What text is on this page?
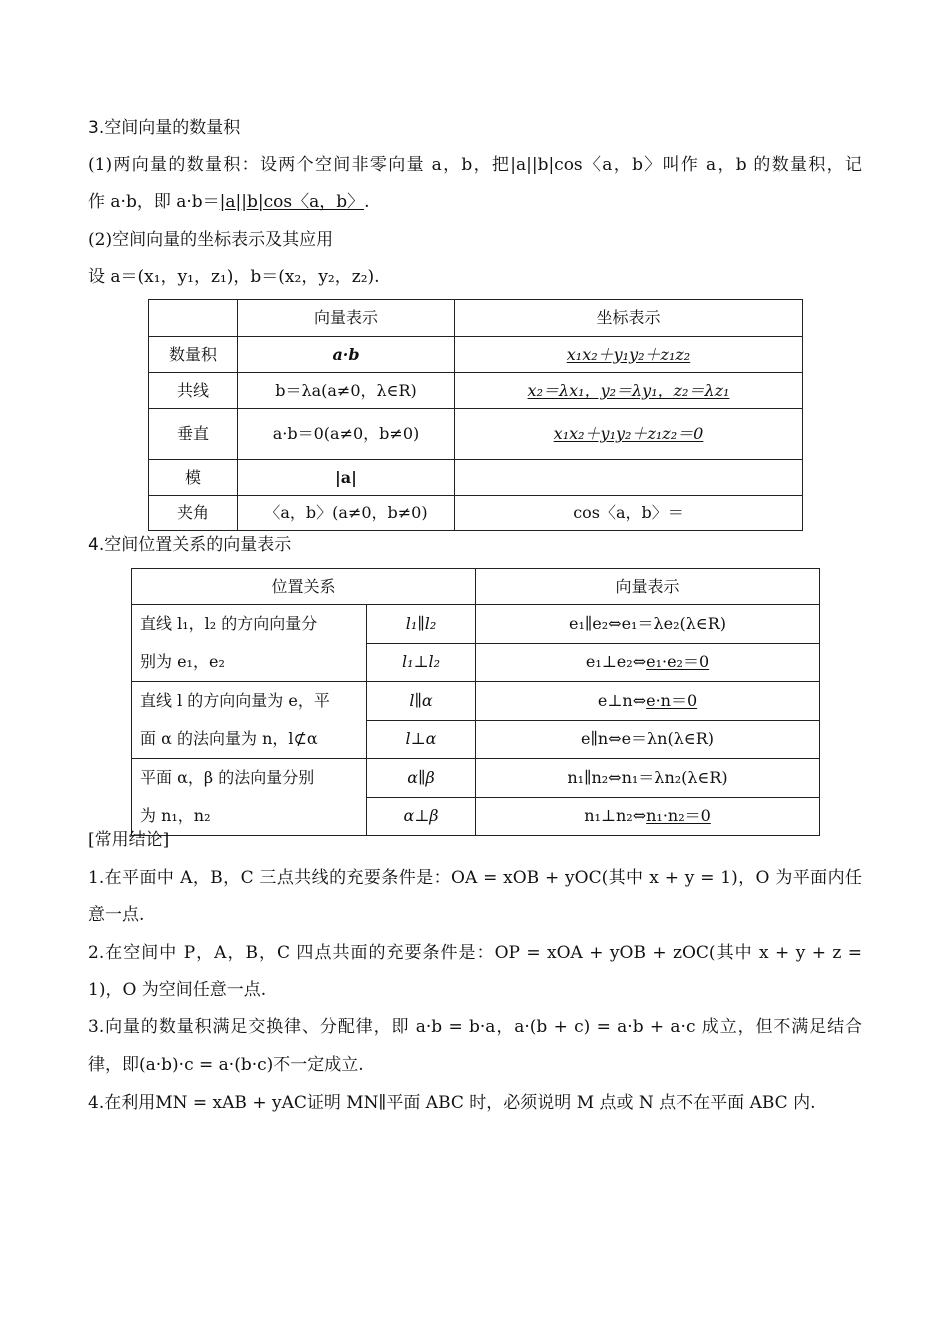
3.空间向量的数量积
(1)两向量的数量积：设两个空间非零向量 a，b，把|a||b|cos〈a，b〉叫作 a，b 的数量积，记
作 a·b，即 a·b＝|a||b|cos〈a，b〉.
(2)空间向量的坐标表示及其应用
设 a＝(x₁，y₁，z₁)，b＝(x₂，y₂，z₂).
	向量表示	坐标表示
数量积	a·b	x₁x₂＋y₁y₂＋z₁z₂
共线	b＝λa(a≠0，λ∈R)	x₂＝λx₁，y₂＝λy₁，z₂＝λz₁
垂直	a·b＝0(a≠0，b≠0)	x₁x₂＋y₁y₂＋z₁z₂＝0
模	|a|	
夹角	〈a，b〉(a≠0，b≠0)	cos〈a，b〉＝
4.空间位置关系的向量表示
位置关系		向量表示

直线 l₁，l₂ 的方向向量分
别为 e₁，e₂	l₁∥l₂	e₁∥e₂⇔e₁＝λe₂(λ∈R)
	l₁⊥l₂	e₁⊥e₂⇔e₁·e₂＝0

直线 l 的方向向量为 e，平
面 α 的法向量为 n，l⊄α	l∥α	e⊥n⇔e·n＝0
	l⊥α	e∥n⇔e＝λn(λ∈R)

平面 α，β 的法向量分别
为 n₁，n₂	α∥β	n₁∥n₂⇔n₁＝λn₂(λ∈R)
	α⊥β	n₁⊥n₂⇔n₁·n₂＝0
[常用结论]
1.在平面中 A，B，C 三点共线的充要条件是：OA = xOB + yOC(其中 x + y = 1)，O 为平面内任
意一点.
2.在空间中 P，A，B，C 四点共面的充要条件是：OP = xOA + yOB + zOC(其中 x + y + z =
1)，O 为空间任意一点.
3.向量的数量积满足交换律、分配律，即 a·b = b·a，a·(b + c) = a·b + a·c 成立，但不满足结合
律，即(a·b)·c = a·(b·c)不一定成立.
4.在利用MN = xAB + yAC证明 MN∥平面 ABC 时，必须说明 M 点或 N 点不在平面 ABC 内.
